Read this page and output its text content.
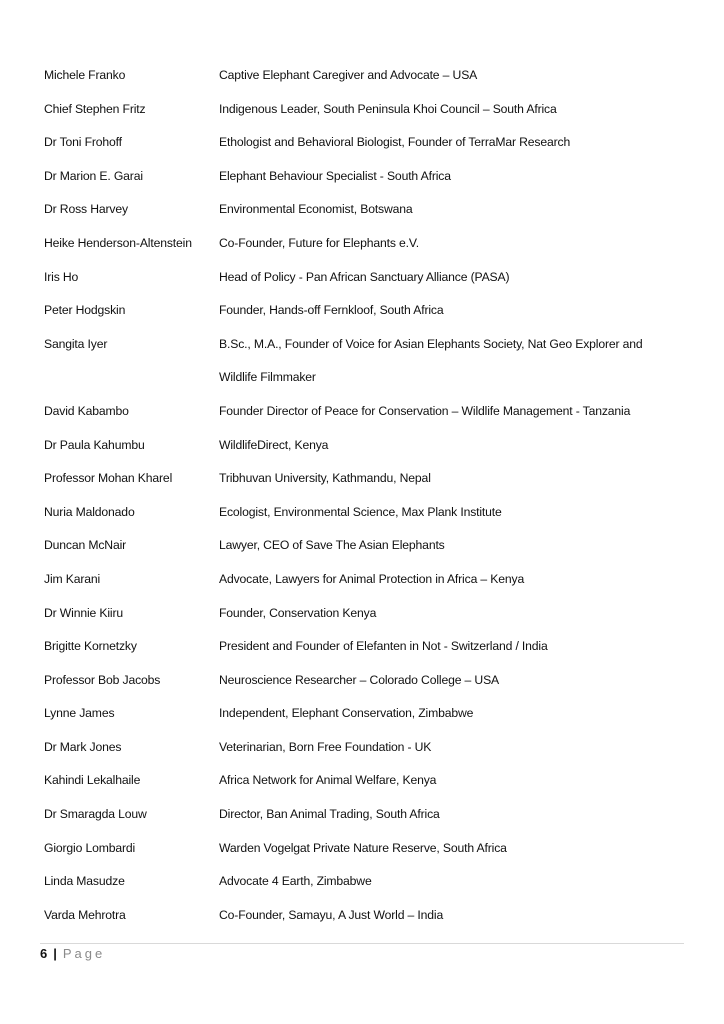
Michele Franko	Captive Elephant Caregiver and Advocate – USA
Chief Stephen Fritz	Indigenous Leader, South Peninsula Khoi Council – South Africa
Dr Toni Frohoff	Ethologist and Behavioral Biologist, Founder of TerraMar Research
Dr Marion E. Garai	Elephant Behaviour Specialist - South Africa
Dr Ross Harvey	Environmental Economist, Botswana
Heike Henderson-Altenstein	Co-Founder, Future for Elephants e.V.
Iris Ho	Head of Policy - Pan African Sanctuary Alliance (PASA)
Peter Hodgskin	Founder, Hands-off Fernkloof, South Africa
Sangita Iyer	B.Sc., M.A., Founder of Voice for Asian Elephants Society, Nat Geo Explorer and
Wildlife Filmmaker
David Kabambo	Founder Director of Peace for Conservation – Wildlife Management - Tanzania
Dr Paula Kahumbu	WildlifeDirect, Kenya
Professor Mohan Kharel	Tribhuvan University, Kathmandu, Nepal
Nuria Maldonado	Ecologist, Environmental Science, Max Plank Institute
Duncan McNair	Lawyer, CEO of Save The Asian Elephants
Jim Karani	Advocate, Lawyers for Animal Protection in Africa – Kenya
Dr Winnie Kiiru	Founder, Conservation Kenya
Brigitte Kornetzky	President and Founder of Elefanten in Not - Switzerland / India
Professor Bob Jacobs	Neuroscience Researcher – Colorado College – USA
Lynne James	Independent, Elephant Conservation, Zimbabwe
Dr Mark Jones	Veterinarian, Born Free Foundation - UK
Kahindi Lekalhaile	Africa Network for Animal Welfare, Kenya
Dr Smaragda Louw	Director, Ban Animal Trading, South Africa
Giorgio Lombardi	Warden Vogelgat Private Nature Reserve, South Africa
Linda Masudze	Advocate 4 Earth, Zimbabwe
Varda Mehrotra	Co-Founder, Samayu, A Just World – India
6 | Page
